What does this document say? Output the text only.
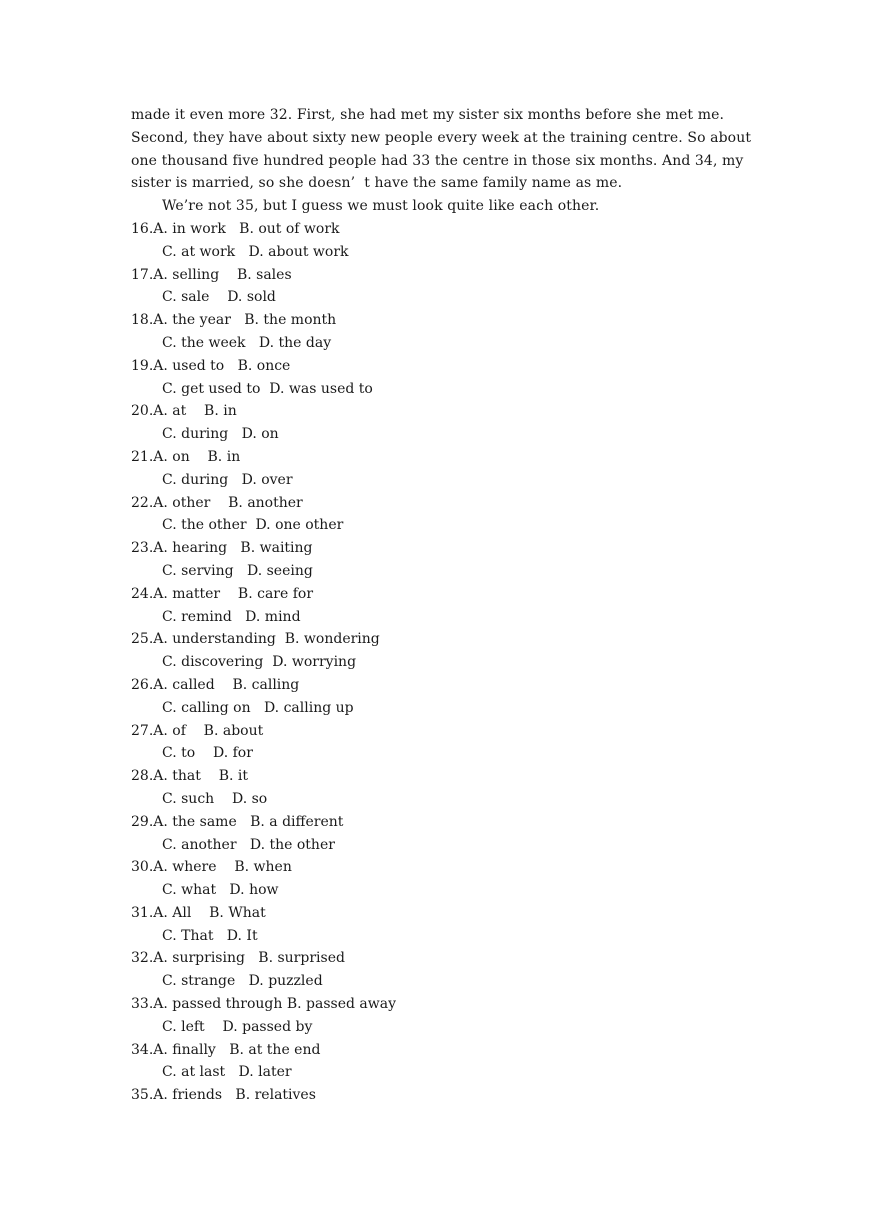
made it even more 32. First, she had met my sister six months before she met me.
Second, they have about sixty new people every week at the training centre. So about
one thousand five hundred people had 33 the centre in those six months. And 34, my
sister is married, so she doesn’  t have the same family name as me.
We’re not 35, but I guess we must look quite like each other.
16.A. in work   B. out of work
C. at work   D. about work
17.A. selling    B. sales
C. sale    D. sold
18.A. the year   B. the month
C. the week   D. the day
19.A. used to   B. once
C. get used to  D. was used to
20.A. at    B. in
C. during   D. on
21.A. on    B. in
C. during   D. over
22.A. other    B. another
C. the other  D. one other
23.A. hearing   B. waiting
C. serving   D. seeing
24.A. matter    B. care for
C. remind   D. mind
25.A. understanding  B. wondering
C. discovering  D. worrying
26.A. called    B. calling
C. calling on   D. calling up
27.A. of    B. about
C. to    D. for
28.A. that    B. it
C. such    D. so
29.A. the same   B. a different
C. another   D. the other
30.A. where    B. when
C. what   D. how
31.A. All    B. What
C. That   D. It
32.A. surprising   B. surprised
C. strange   D. puzzled
33.A. passed through B. passed away
C. left    D. passed by
34.A. finally   B. at the end
C. at last   D. later
35.A. friends   B. relatives
